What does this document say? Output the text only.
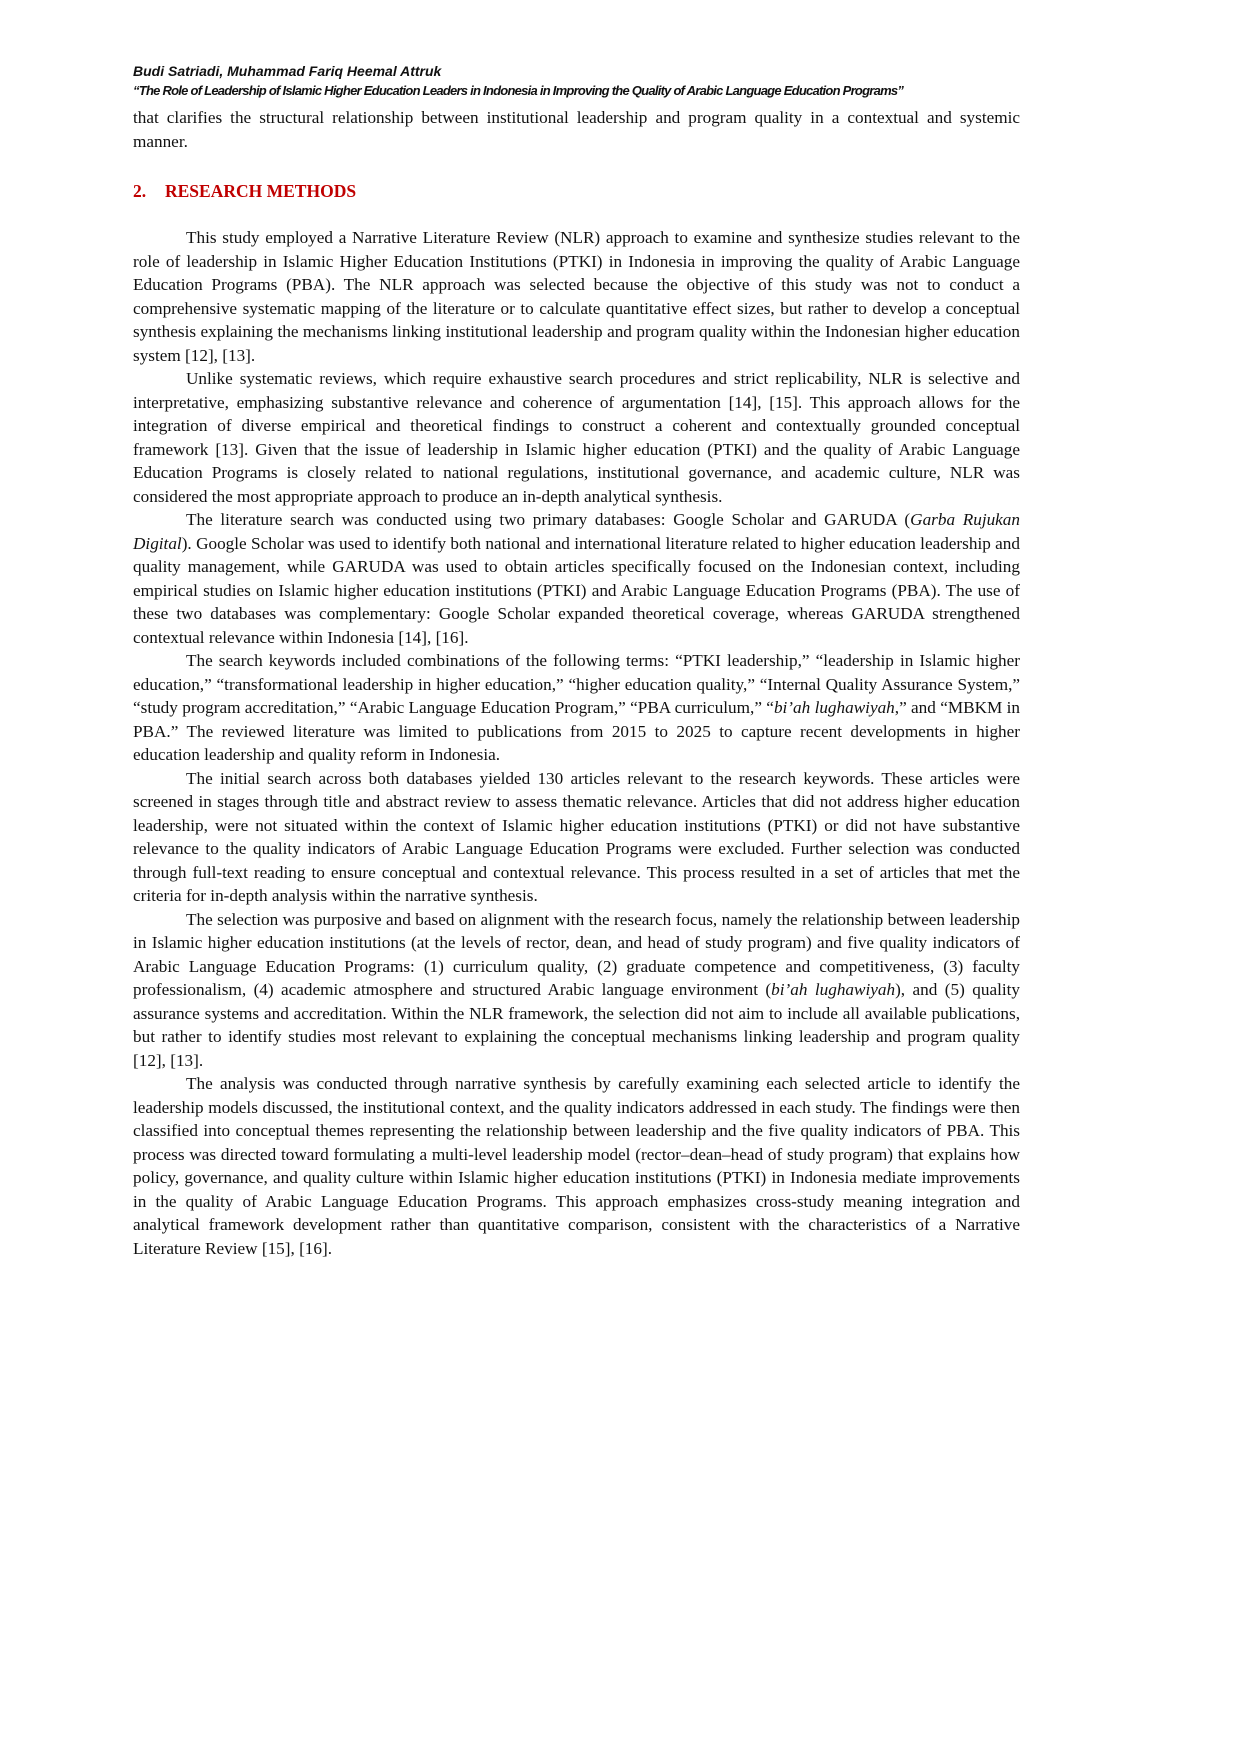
Budi Satriadi, Muhammad Fariq Heemal Attruk
“The Role of Leadership of Islamic Higher Education Leaders in Indonesia in Improving the Quality of Arabic Language Education Programs”

that clarifies the structural relationship between institutional leadership and program quality in a contextual and systemic manner.

2. RESEARCH METHODS

This study employed a Narrative Literature Review (NLR) approach to examine and synthesize studies relevant to the role of leadership in Islamic Higher Education Institutions (PTKI) in Indonesia in improving the quality of Arabic Language Education Programs (PBA). The NLR approach was selected because the objective of this study was not to conduct a comprehensive systematic mapping of the literature or to calculate quantitative effect sizes, but rather to develop a conceptual synthesis explaining the mechanisms linking institutional leadership and program quality within the Indonesian higher education system [12], [13].

Unlike systematic reviews, which require exhaustive search procedures and strict replicability, NLR is selective and interpretative, emphasizing substantive relevance and coherence of argumentation [14], [15]. This approach allows for the integration of diverse empirical and theoretical findings to construct a coherent and contextually grounded conceptual framework [13]. Given that the issue of leadership in Islamic higher education (PTKI) and the quality of Arabic Language Education Programs is closely related to national regulations, institutional governance, and academic culture, NLR was considered the most appropriate approach to produce an in-depth analytical synthesis.

The literature search was conducted using two primary databases: Google Scholar and GARUDA (Garba Rujukan Digital). Google Scholar was used to identify both national and international literature related to higher education leadership and quality management, while GARUDA was used to obtain articles specifically focused on the Indonesian context, including empirical studies on Islamic higher education institutions (PTKI) and Arabic Language Education Programs (PBA). The use of these two databases was complementary: Google Scholar expanded theoretical coverage, whereas GARUDA strengthened contextual relevance within Indonesia [14], [16].

The search keywords included combinations of the following terms: “PTKI leadership,” “leadership in Islamic higher education,” “transformational leadership in higher education,” “higher education quality,” “Internal Quality Assurance System,” “study program accreditation,” “Arabic Language Education Program,” “PBA curriculum,” “bi’ah lughawiyah,” and “MBKM in PBA.” The reviewed literature was limited to publications from 2015 to 2025 to capture recent developments in higher education leadership and quality reform in Indonesia.

The initial search across both databases yielded 130 articles relevant to the research keywords. These articles were screened in stages through title and abstract review to assess thematic relevance. Articles that did not address higher education leadership, were not situated within the context of Islamic higher education institutions (PTKI) or did not have substantive relevance to the quality indicators of Arabic Language Education Programs were excluded. Further selection was conducted through full-text reading to ensure conceptual and contextual relevance. This process resulted in a set of articles that met the criteria for in-depth analysis within the narrative synthesis.

The selection was purposive and based on alignment with the research focus, namely the relationship between leadership in Islamic higher education institutions (at the levels of rector, dean, and head of study program) and five quality indicators of Arabic Language Education Programs: (1) curriculum quality, (2) graduate competence and competitiveness, (3) faculty professionalism, (4) academic atmosphere and structured Arabic language environment (bi’ah lughawiyah), and (5) quality assurance systems and accreditation. Within the NLR framework, the selection did not aim to include all available publications, but rather to identify studies most relevant to explaining the conceptual mechanisms linking leadership and program quality [12], [13].

The analysis was conducted through narrative synthesis by carefully examining each selected article to identify the leadership models discussed, the institutional context, and the quality indicators addressed in each study. The findings were then classified into conceptual themes representing the relationship between leadership and the five quality indicators of PBA. This process was directed toward formulating a multi-level leadership model (rector–dean–head of study program) that explains how policy, governance, and quality culture within Islamic higher education institutions (PTKI) in Indonesia mediate improvements in the quality of Arabic Language Education Programs. This approach emphasizes cross-study meaning integration and analytical framework development rather than quantitative comparison, consistent with the characteristics of a Narrative Literature Review [15], [16].
